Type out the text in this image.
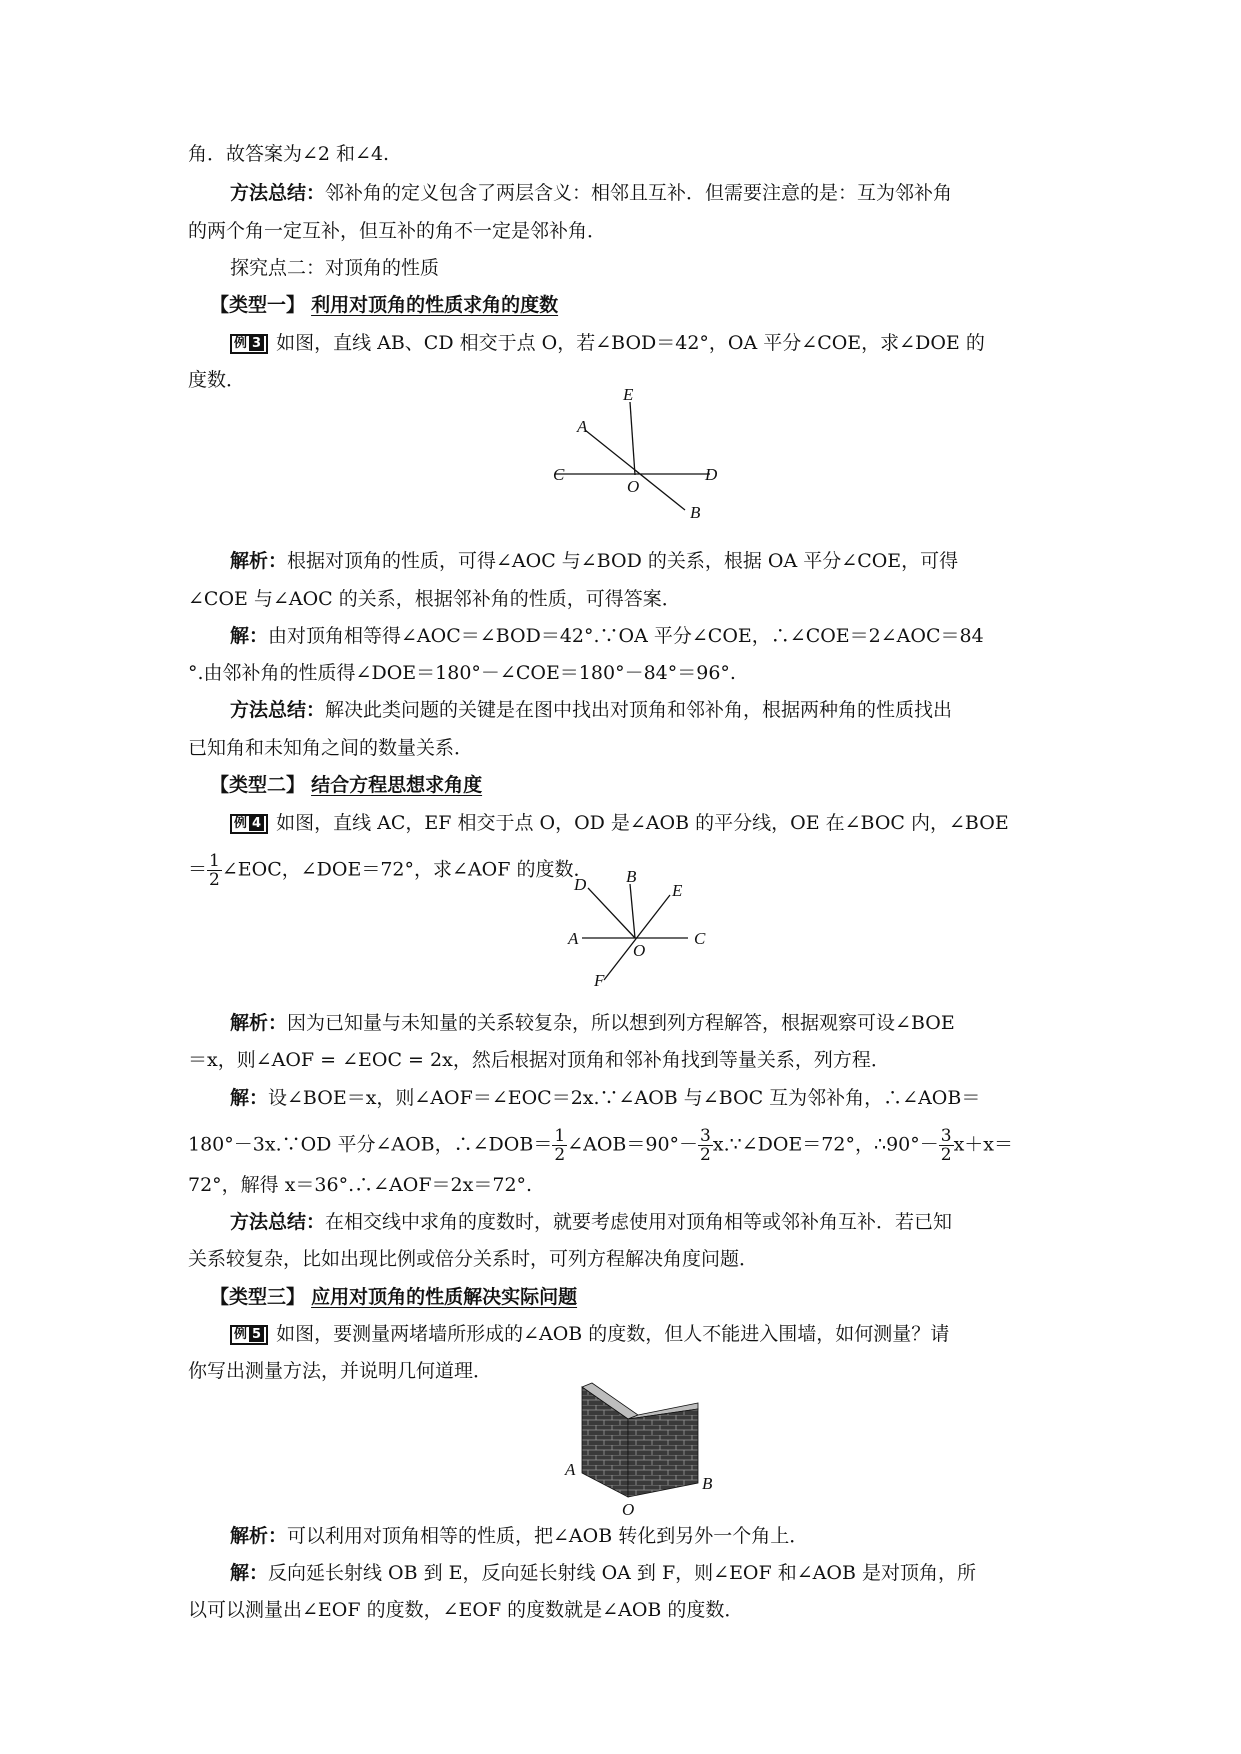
角．故答案为∠2 和∠4.
方法总结：邻补角的定义包含了两层含义：相邻且互补．但需要注意的是：互为邻补角
的两个角一定互补，但互补的角不一定是邻补角．
探究点二：对顶角的性质
【类型一】 利用对顶角的性质求角的度数
例 3 如图，直线 AB、CD 相交于点 O，若∠BOD＝42°，OA 平分∠COE，求∠DOE 的
度数．
E
A
C
O
D
B
解析：根据对顶角的性质，可得∠AOC 与∠BOD 的关系，根据 OA 平分∠COE，可得
∠COE 与∠AOC 的关系，根据邻补角的性质，可得答案．
解：由对顶角相等得∠AOC＝∠BOD＝42°.∵OA 平分∠COE，∴∠COE＝2∠AOC＝84
°.由邻补角的性质得∠DOE＝180°－∠COE＝180°－84°＝96°.
方法总结：解决此类问题的关键是在图中找出对顶角和邻补角，根据两种角的性质找出
已知角和未知角之间的数量关系．
【类型二】 结合方程思想求角度
例 4 如图，直线 AC，EF 相交于点 O，OD 是∠AOB 的平分线，OE 在∠BOC 内，∠BOE
＝ $\frac{1}{2}$ ∠EOC，∠DOE＝72°，求∠AOF 的度数．
D B
E
A
O
C
F
解析：因为已知量与未知量的关系较复杂，所以想到列方程解答，根据观察可设∠BOE
＝x，则∠AOF = ∠EOC = 2x，然后根据对顶角和邻补角找到等量关系，列方程．
解：设∠BOE＝x，则∠AOF＝∠EOC＝2x.∵∠AOB 与∠BOC 互为邻补角，∴∠AOB＝
180°－3x.∵OD 平分∠AOB，∴∠DOB＝ $\frac{1}{2}$ ∠AOB＝90°－ $\frac{3}{2}$ x.∵∠DOE＝72°，∴90°－ $\frac{3}{2} x+x=$
72°，解得 x＝36°.∴∠AOF＝2x＝72°.
方法总结：在相交线中求角的度数时，就要考虑使用对顶角相等或邻补角互补．若已知
关系较复杂，比如出现比例或倍分关系时，可列方程解决角度问题．
【类型三】 应用对顶角的性质解决实际问题
例 5 如图，要测量两堵墙所形成的∠AOB 的度数，但人不能进入围墙，如何测量？请
你写出测量方法，并说明几何道理．
A
B
O
解析：可以利用对顶角相等的性质，把∠AOB 转化到另外一个角上．
解：反向延长射线 OB 到 E，反向延长射线 OA 到 F，则∠EOF 和∠AOB 是对顶角，所
以可以测量出∠EOF 的度数，∠EOF 的度数就是∠AOB 的度数．
